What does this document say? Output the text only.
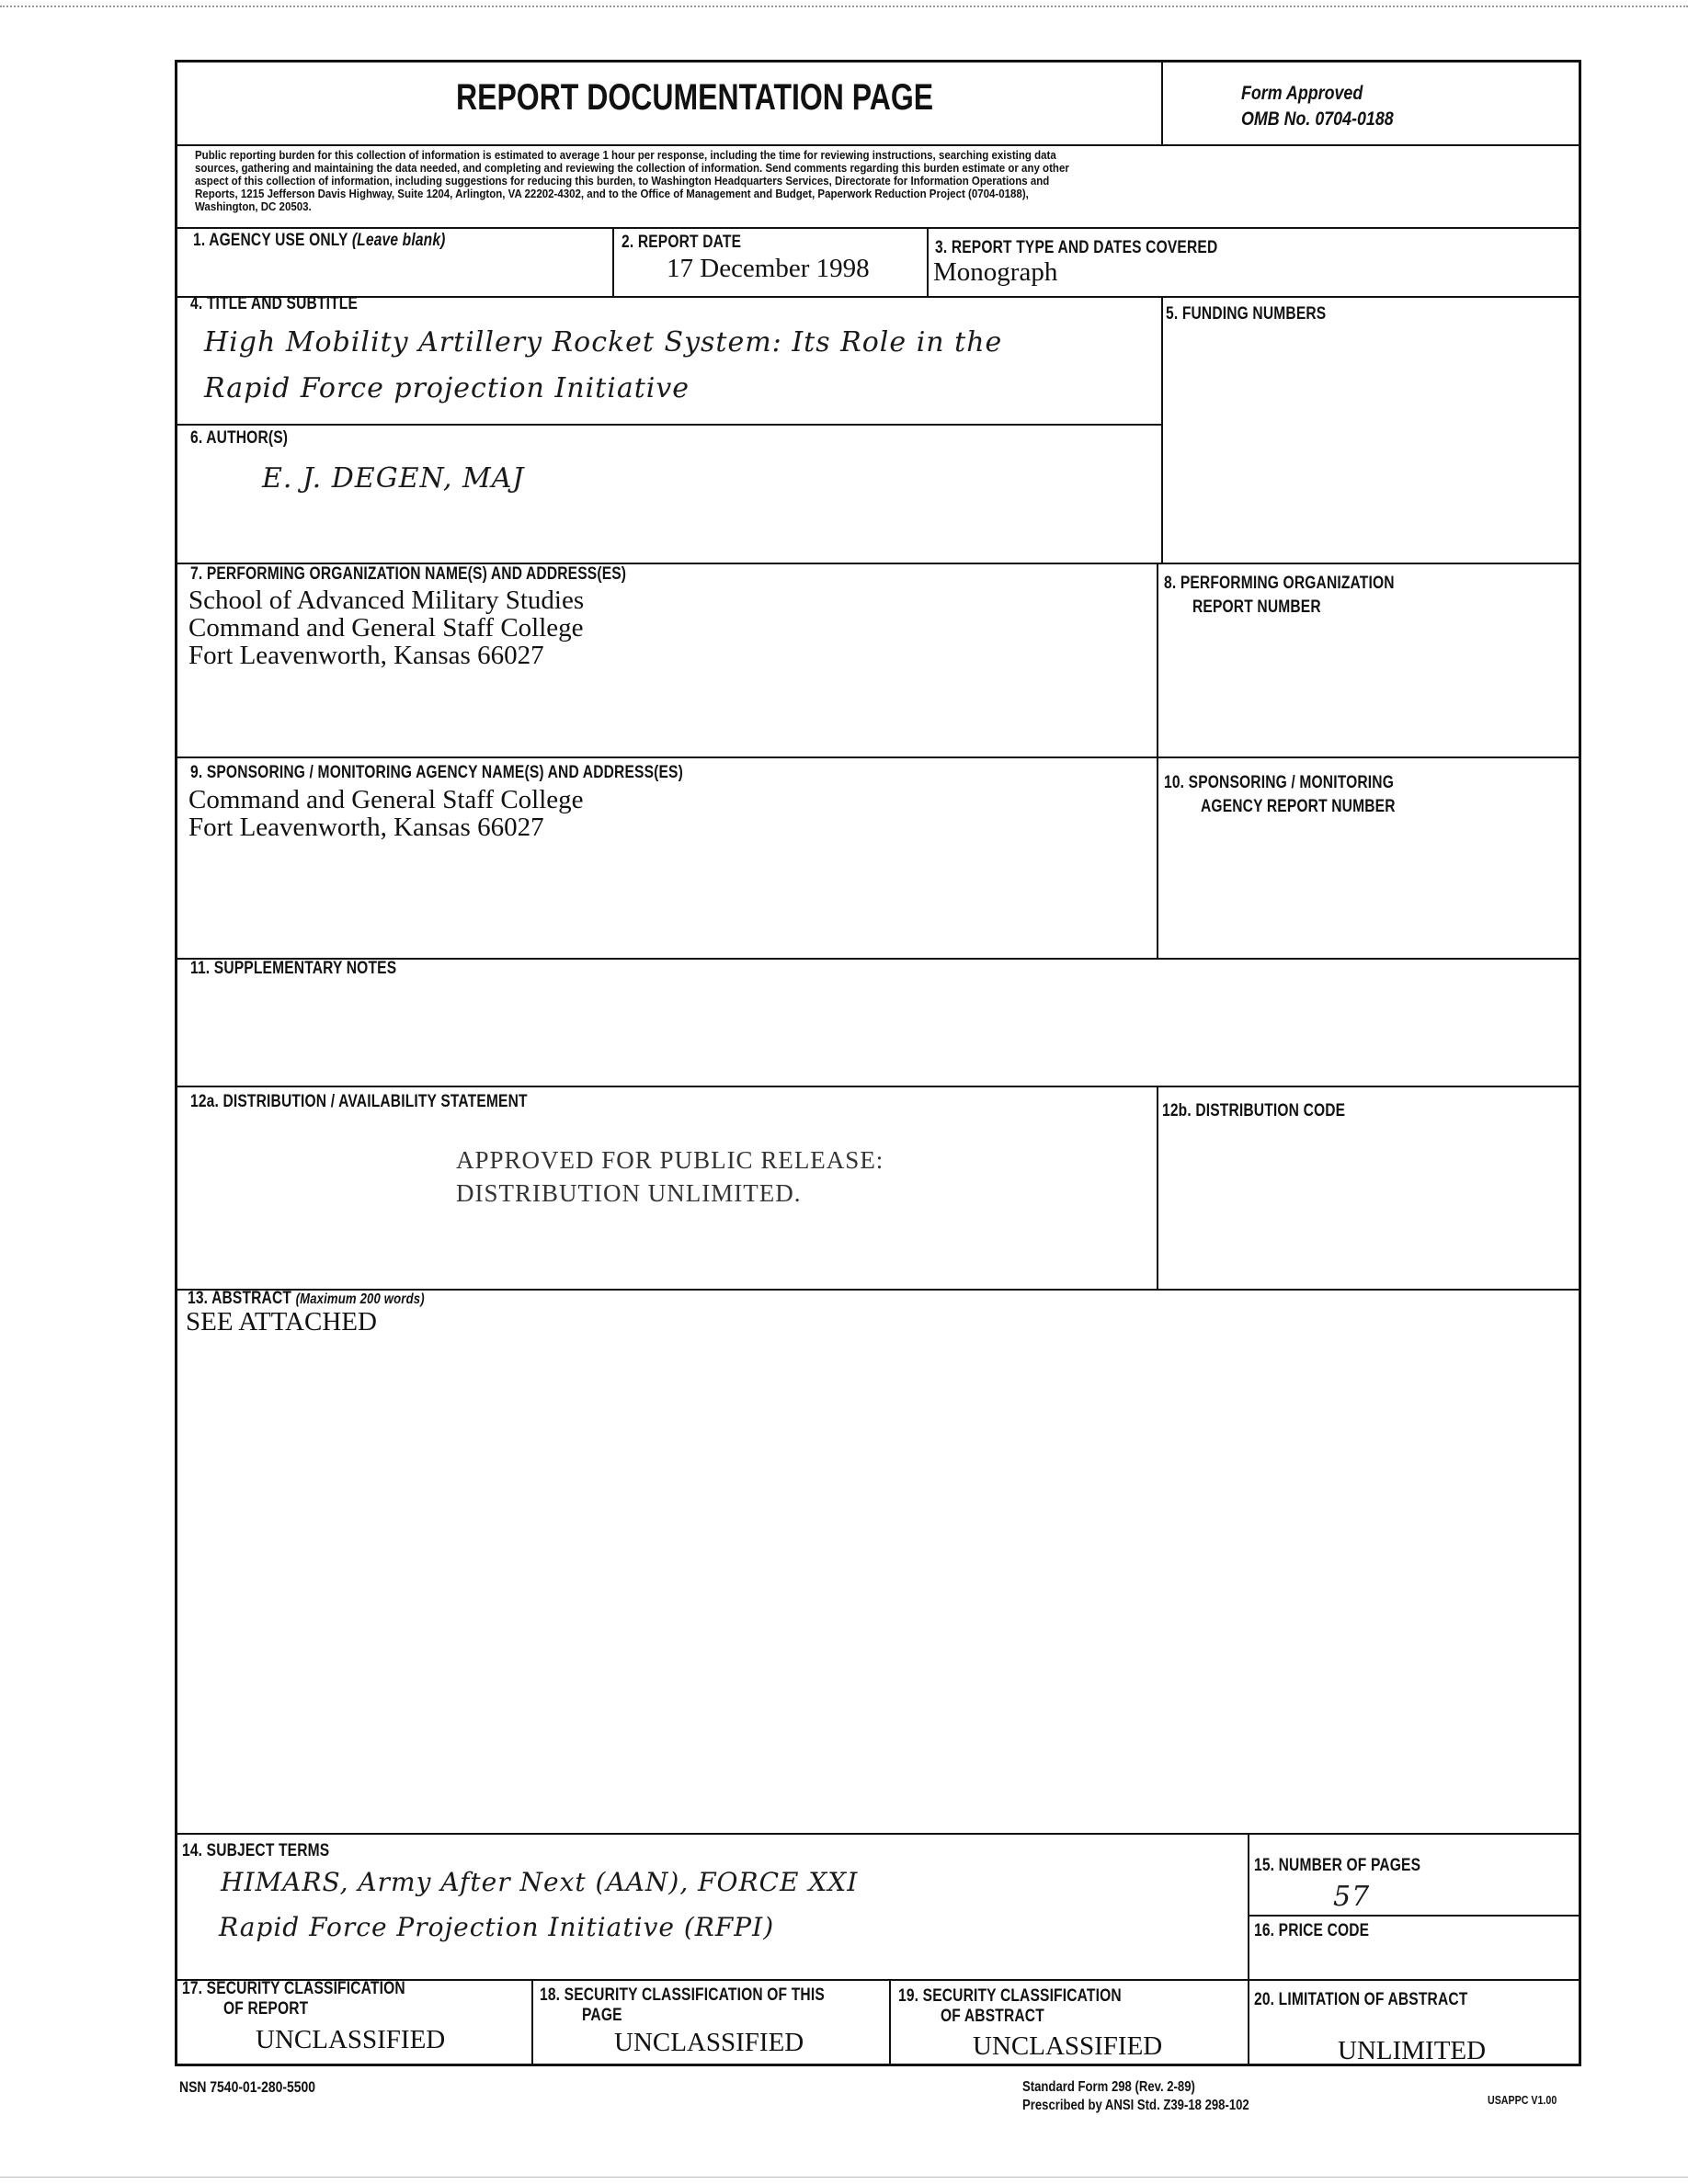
REPORT DOCUMENTATION PAGE	Form Approved
OMB No. 0704-0188
Public reporting burden for this collection of information is estimated to average 1 hour per response, including the time for reviewing instructions, searching existing data sources, gathering and maintaining the data needed, and completing and reviewing the collection of information. Send comments regarding this burden estimate or any other aspect of this collection of information, including suggestions for reducing this burden, to Washington Headquarters Services, Directorate for Information Operations and Reports, 1215 Jefferson Davis Highway, Suite 1204, Arlington, VA 22202-4302, and to the Office of Management and Budget, Paperwork Reduction Project (0704-0188), Washington, DC 20503.
1. AGENCY USE ONLY (Leave blank)	2. REPORT DATE
17 December 1998
3. REPORT TYPE AND DATES COVERED
Monograph
4. TITLE AND SUBTITLE
High Mobility Artillery Rocket System: Its Role in the
Rapid Force projection Initiative
5. FUNDING NUMBERS
6. AUTHOR(S)
E. J. DEGEN, MAJ
7. PERFORMING ORGANIZATION NAME(S) AND ADDRESS(ES)
School of Advanced Military Studies
Command and General Staff College
Fort Leavenworth, Kansas 66027
8. PERFORMING ORGANIZATION
REPORT NUMBER
9. SPONSORING / MONITORING AGENCY NAME(S) AND ADDRESS(ES)
Command and General Staff College
Fort Leavenworth, Kansas 66027
10. SPONSORING / MONITORING
AGENCY REPORT NUMBER
11. SUPPLEMENTARY NOTES
12a. DISTRIBUTION / AVAILABILITY STATEMENT
APPROVED FOR PUBLIC RELEASE:
DISTRIBUTION UNLIMITED.
12b. DISTRIBUTION CODE
13. ABSTRACT (Maximum 200 words)
SEE ATTACHED
14. SUBJECT TERMS
HIMARS, Army After Next (AAN), FORCE XXI
Rapid Force Projection Initiative (RFPI)
15. NUMBER OF PAGES
57
16. PRICE CODE
17. SECURITY CLASSIFICATION
OF REPORT
UNCLASSIFIED
18. SECURITY CLASSIFICATION OF THIS
PAGE
UNCLASSIFIED
19. SECURITY CLASSIFICATION
OF ABSTRACT
UNCLASSIFIED
20. LIMITATION OF ABSTRACT
UNLIMITED
NSN 7540-01-280-5500	Standard Form 298 (Rev. 2-89)
Prescribed by ANSI Std. Z39-18 298-102	USAPPC V1.00
